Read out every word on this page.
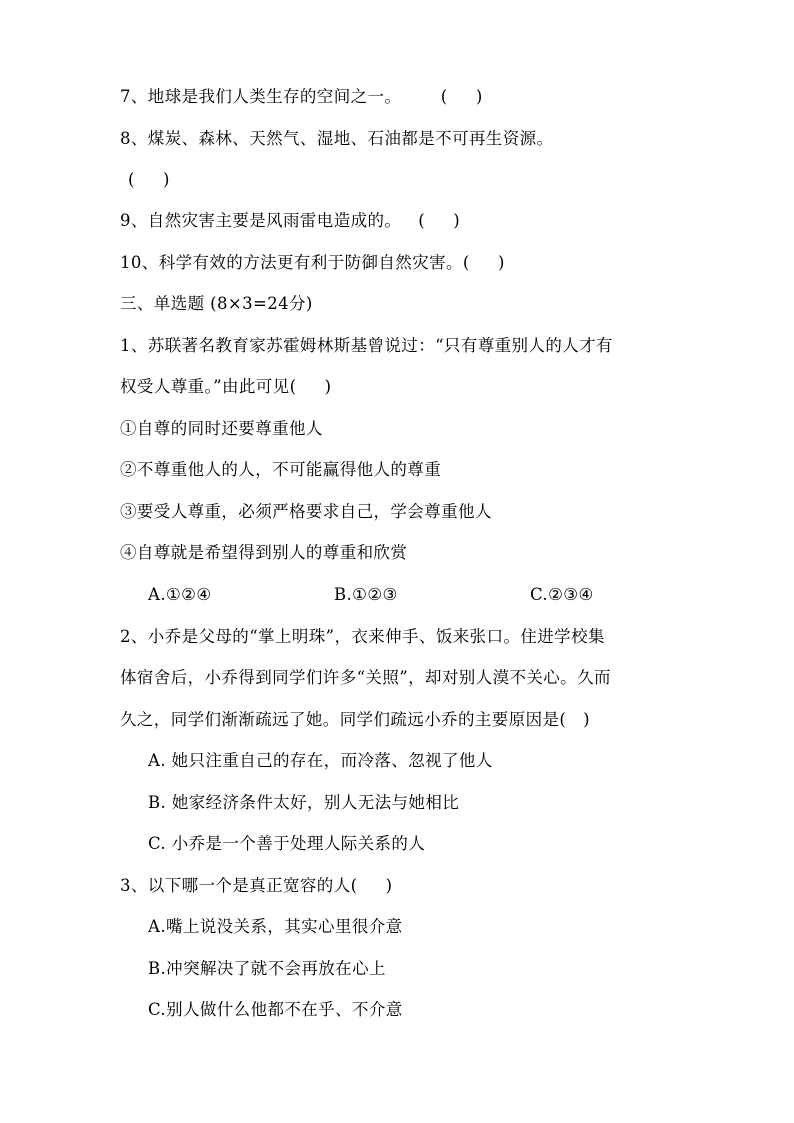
7、地球是我们人类生存的空间之一。       (     )
8、煤炭、森林、天然气、湿地、石油都是不可再生资源。
(     )
9、自然灾害主要是风雨雷电造成的。   (     )
10、科学有效的方法更有利于防御自然灾害。(     )
三、单选题 (8×3=24分)
1、苏联著名教育家苏霍姆林斯基曾说过：“只有尊重别人的人才有
权受人尊重。”由此可见(     )
①自尊的同时还要尊重他人
②不尊重他人的人，不可能赢得他人的尊重
③要受人尊重，必须严格要求自己，学会尊重他人
④自尊就是希望得到别人的尊重和欣赏
A.①②④	B.①②③	C.②③④
2、小乔是父母的“掌上明珠”，衣来伸手、饭来张口。住进学校集
体宿舍后，小乔得到同学们许多“关照”，却对别人漠不关心。久而
久之，同学们渐渐疏远了她。同学们疏远小乔的主要原因是(   )
A. 她只注重自己的存在，而冷落、忽视了他人
B. 她家经济条件太好，别人无法与她相比
C. 小乔是一个善于处理人际关系的人
3、以下哪一个是真正宽容的人(     )
A.嘴上说没关系，其实心里很介意
B.冲突解决了就不会再放在心上
C.别人做什么他都不在乎、不介意
